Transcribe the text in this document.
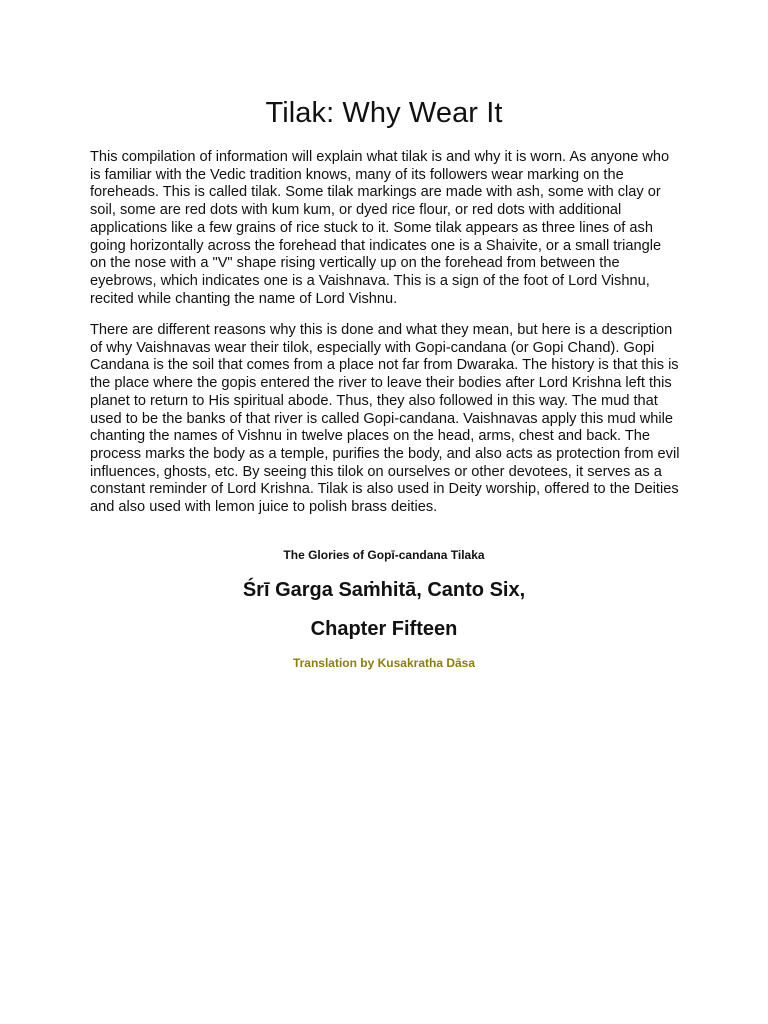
Tilak: Why Wear It

This compilation of information will explain what tilak is and why it is worn. As anyone who is familiar with the Vedic tradition knows, many of its followers wear marking on the foreheads. This is called tilak. Some tilak markings are made with ash, some with clay or soil, some are red dots with kum kum, or dyed rice flour, or red dots with additional applications like a few grains of rice stuck to it. Some tilak appears as three lines of ash going horizontally across the forehead that indicates one is a Shaivite, or a small triangle on the nose with a "V" shape rising vertically up on the forehead from between the eyebrows, which indicates one is a Vaishnava. This is a sign of the foot of Lord Vishnu, recited while chanting the name of Lord Vishnu.

There are different reasons why this is done and what they mean, but here is a description of why Vaishnavas wear their tilok, especially with Gopi-candana (or Gopi Chand). Gopi Candana is the soil that comes from a place not far from Dwaraka. The history is that this is the place where the gopis entered the river to leave their bodies after Lord Krishna left this planet to return to His spiritual abode. Thus, they also followed in this way. The mud that used to be the banks of that river is called Gopi-candana. Vaishnavas apply this mud while chanting the names of Vishnu in twelve places on the head, arms, chest and back. The process marks the body as a temple, purifies the body, and also acts as protection from evil influences, ghosts, etc. By seeing this tilok on ourselves or other devotees, it serves as a constant reminder of Lord Krishna. Tilak is also used in Deity worship, offered to the Deities and also used with lemon juice to polish brass deities.

The Glories of Gopī-candana Tilaka

Śrī Garga Saṁhitā, Canto Six,

Chapter Fifteen

Translation by Kusakratha Dāsa
